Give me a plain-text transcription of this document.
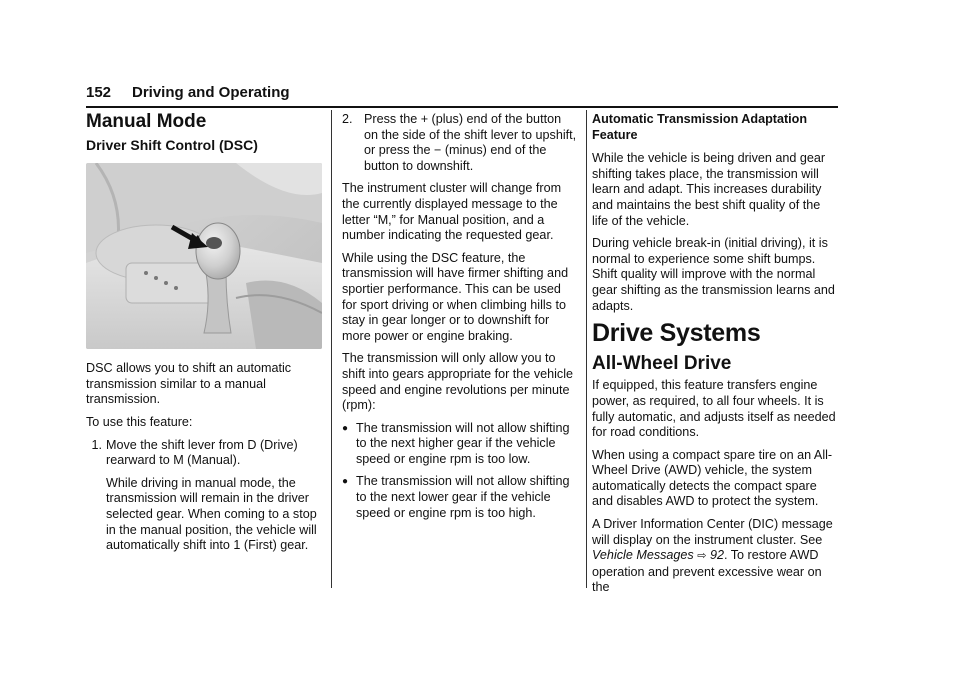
152 Driving and Operating
Manual Mode
Driver Shift Control (DSC)

DSC allows you to shift an automatic transmission similar to a manual transmission.

To use this feature:

1. Move the shift lever from D (Drive) rearward to M (Manual).

While driving in manual mode, the transmission will remain in the driver selected gear. When coming to a stop in the manual position, the vehicle will automatically shift into 1 (First) gear.

2. Press the + (plus) end of the button on the side of the shift lever to upshift, or press the − (minus) end of the button to downshift.

The instrument cluster will change from the currently displayed message to the letter “M,” for Manual position, and a number indicating the requested gear.

While using the DSC feature, the transmission will have firmer shifting and sportier performance. This can be used for sport driving or when climbing hills to stay in gear longer or to downshift for more power or engine braking.

The transmission will only allow you to shift into gears appropriate for the vehicle speed and engine revolutions per minute (rpm):

● The transmission will not allow shifting to the next higher gear if the vehicle speed or engine rpm is too low.
● The transmission will not allow shifting to the next lower gear if the vehicle speed or engine rpm is too high.
Automatic Transmission Adaptation Feature

While the vehicle is being driven and gear shifting takes place, the transmission will learn and adapt. This increases durability and maintains the best shift quality of the life of the vehicle.

During vehicle break-in (initial driving), it is normal to experience some shift bumps. Shift quality will improve with the normal gear shifting as the transmission learns and adapts.

Drive Systems
All-Wheel Drive

If equipped, this feature transfers engine power, as required, to all four wheels. It is fully automatic, and adjusts itself as needed for road conditions.

When using a compact spare tire on an All-Wheel Drive (AWD) vehicle, the system automatically detects the compact spare and disables AWD to protect the system.

A Driver Information Center (DIC) message will display on the instrument cluster. See Vehicle Messages ⇨ 92. To restore AWD operation and prevent excessive wear on the
